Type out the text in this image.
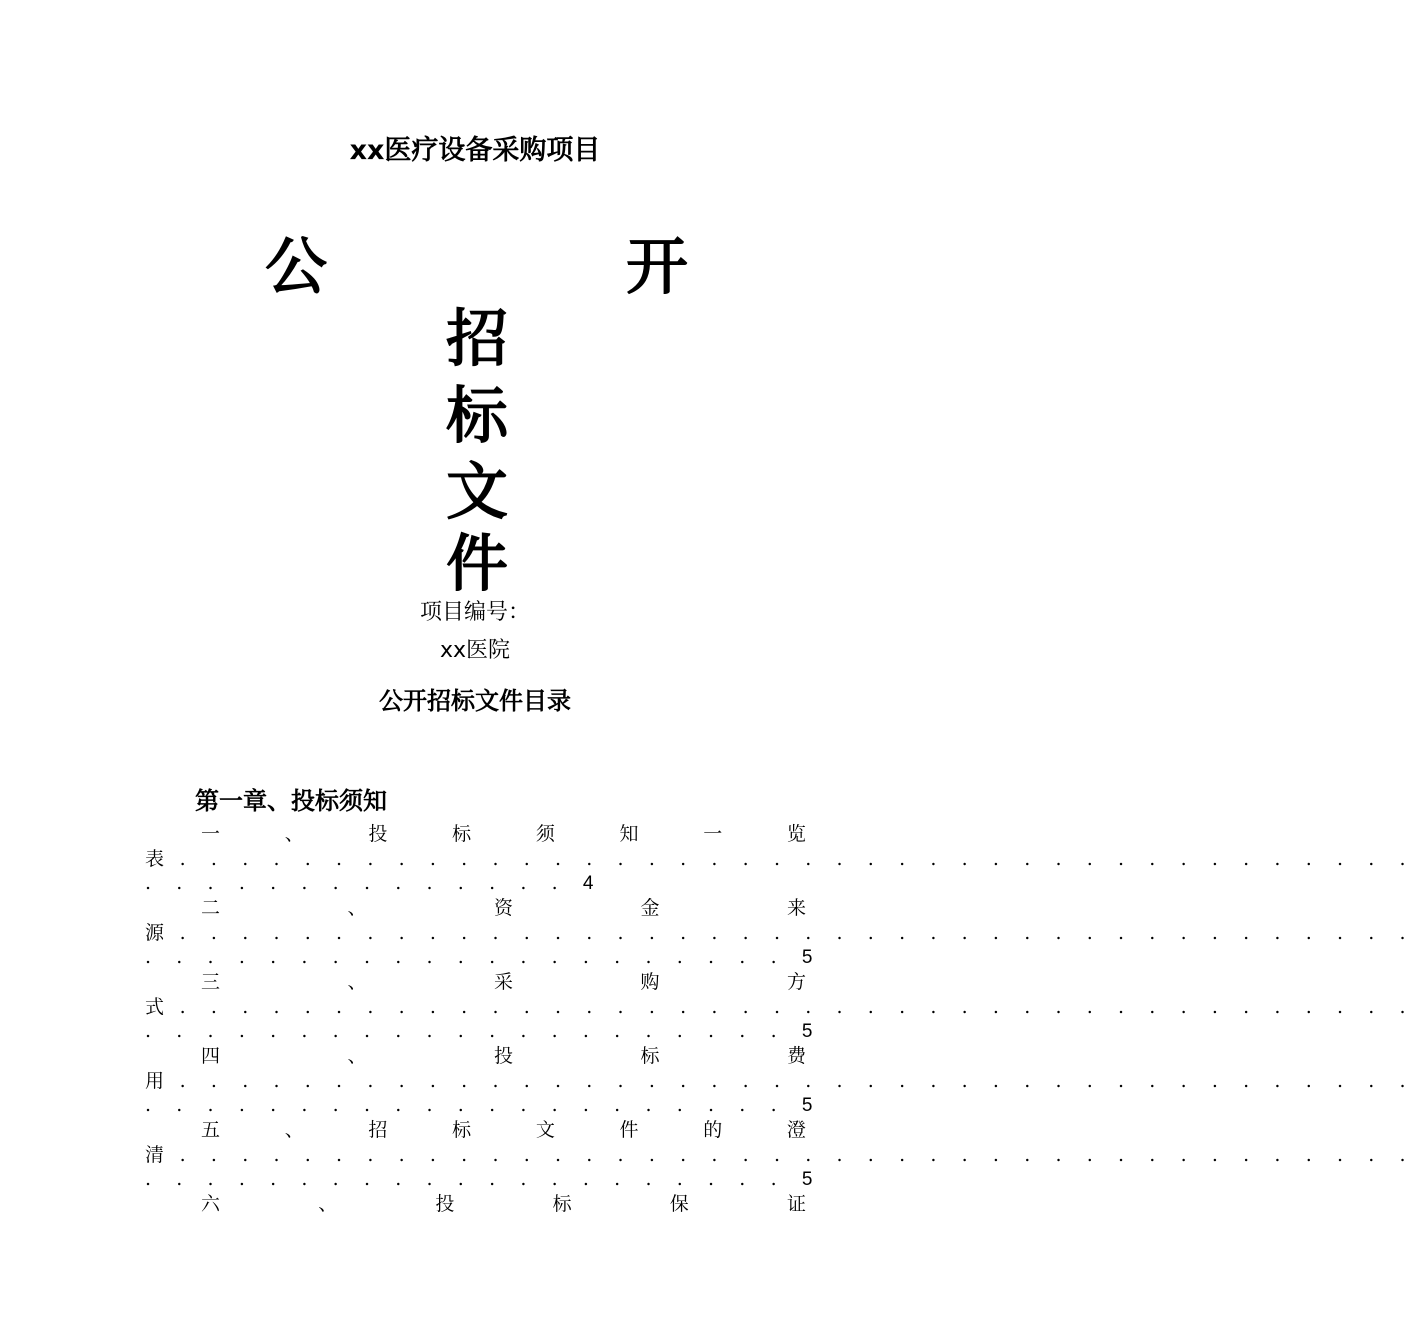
xx医疗设备采购项目
公	开
招
标
文
件
项目编号：
xx医院
公开招标文件目录
第一章、投标须知
一	、	投	标	须	知	一	览
表 . . . . . . . . . . . . . . . . . . . . . . . . . . . . . . . . . . . . . . . .
. . . . . . . . . . . . . . 4
二	、	资	金	来
源 . . . . . . . . . . . . . . . . . . . . . . . . . . . . . . . . . . . . . . . .
. . . . . . . . . . . . . . . . . . . . . 5
三	、	采	购	方
式 . . . . . . . . . . . . . . . . . . . . . . . . . . . . . . . . . . . . . . . .
. . . . . . . . . . . . . . . . . . . . . 5
四	、	投	标	费
用 . . . . . . . . . . . . . . . . . . . . . . . . . . . . . . . . . . . . . . . .
. . . . . . . . . . . . . . . . . . . . . 5
五	、	招	标	文	件	的	澄
清 . . . . . . . . . . . . . . . . . . . . . . . . . . . . . . . . . . . . . . . .
. . . . . . . . . . . . . . . . . . . . . 5
六	、	投	标	保	证
